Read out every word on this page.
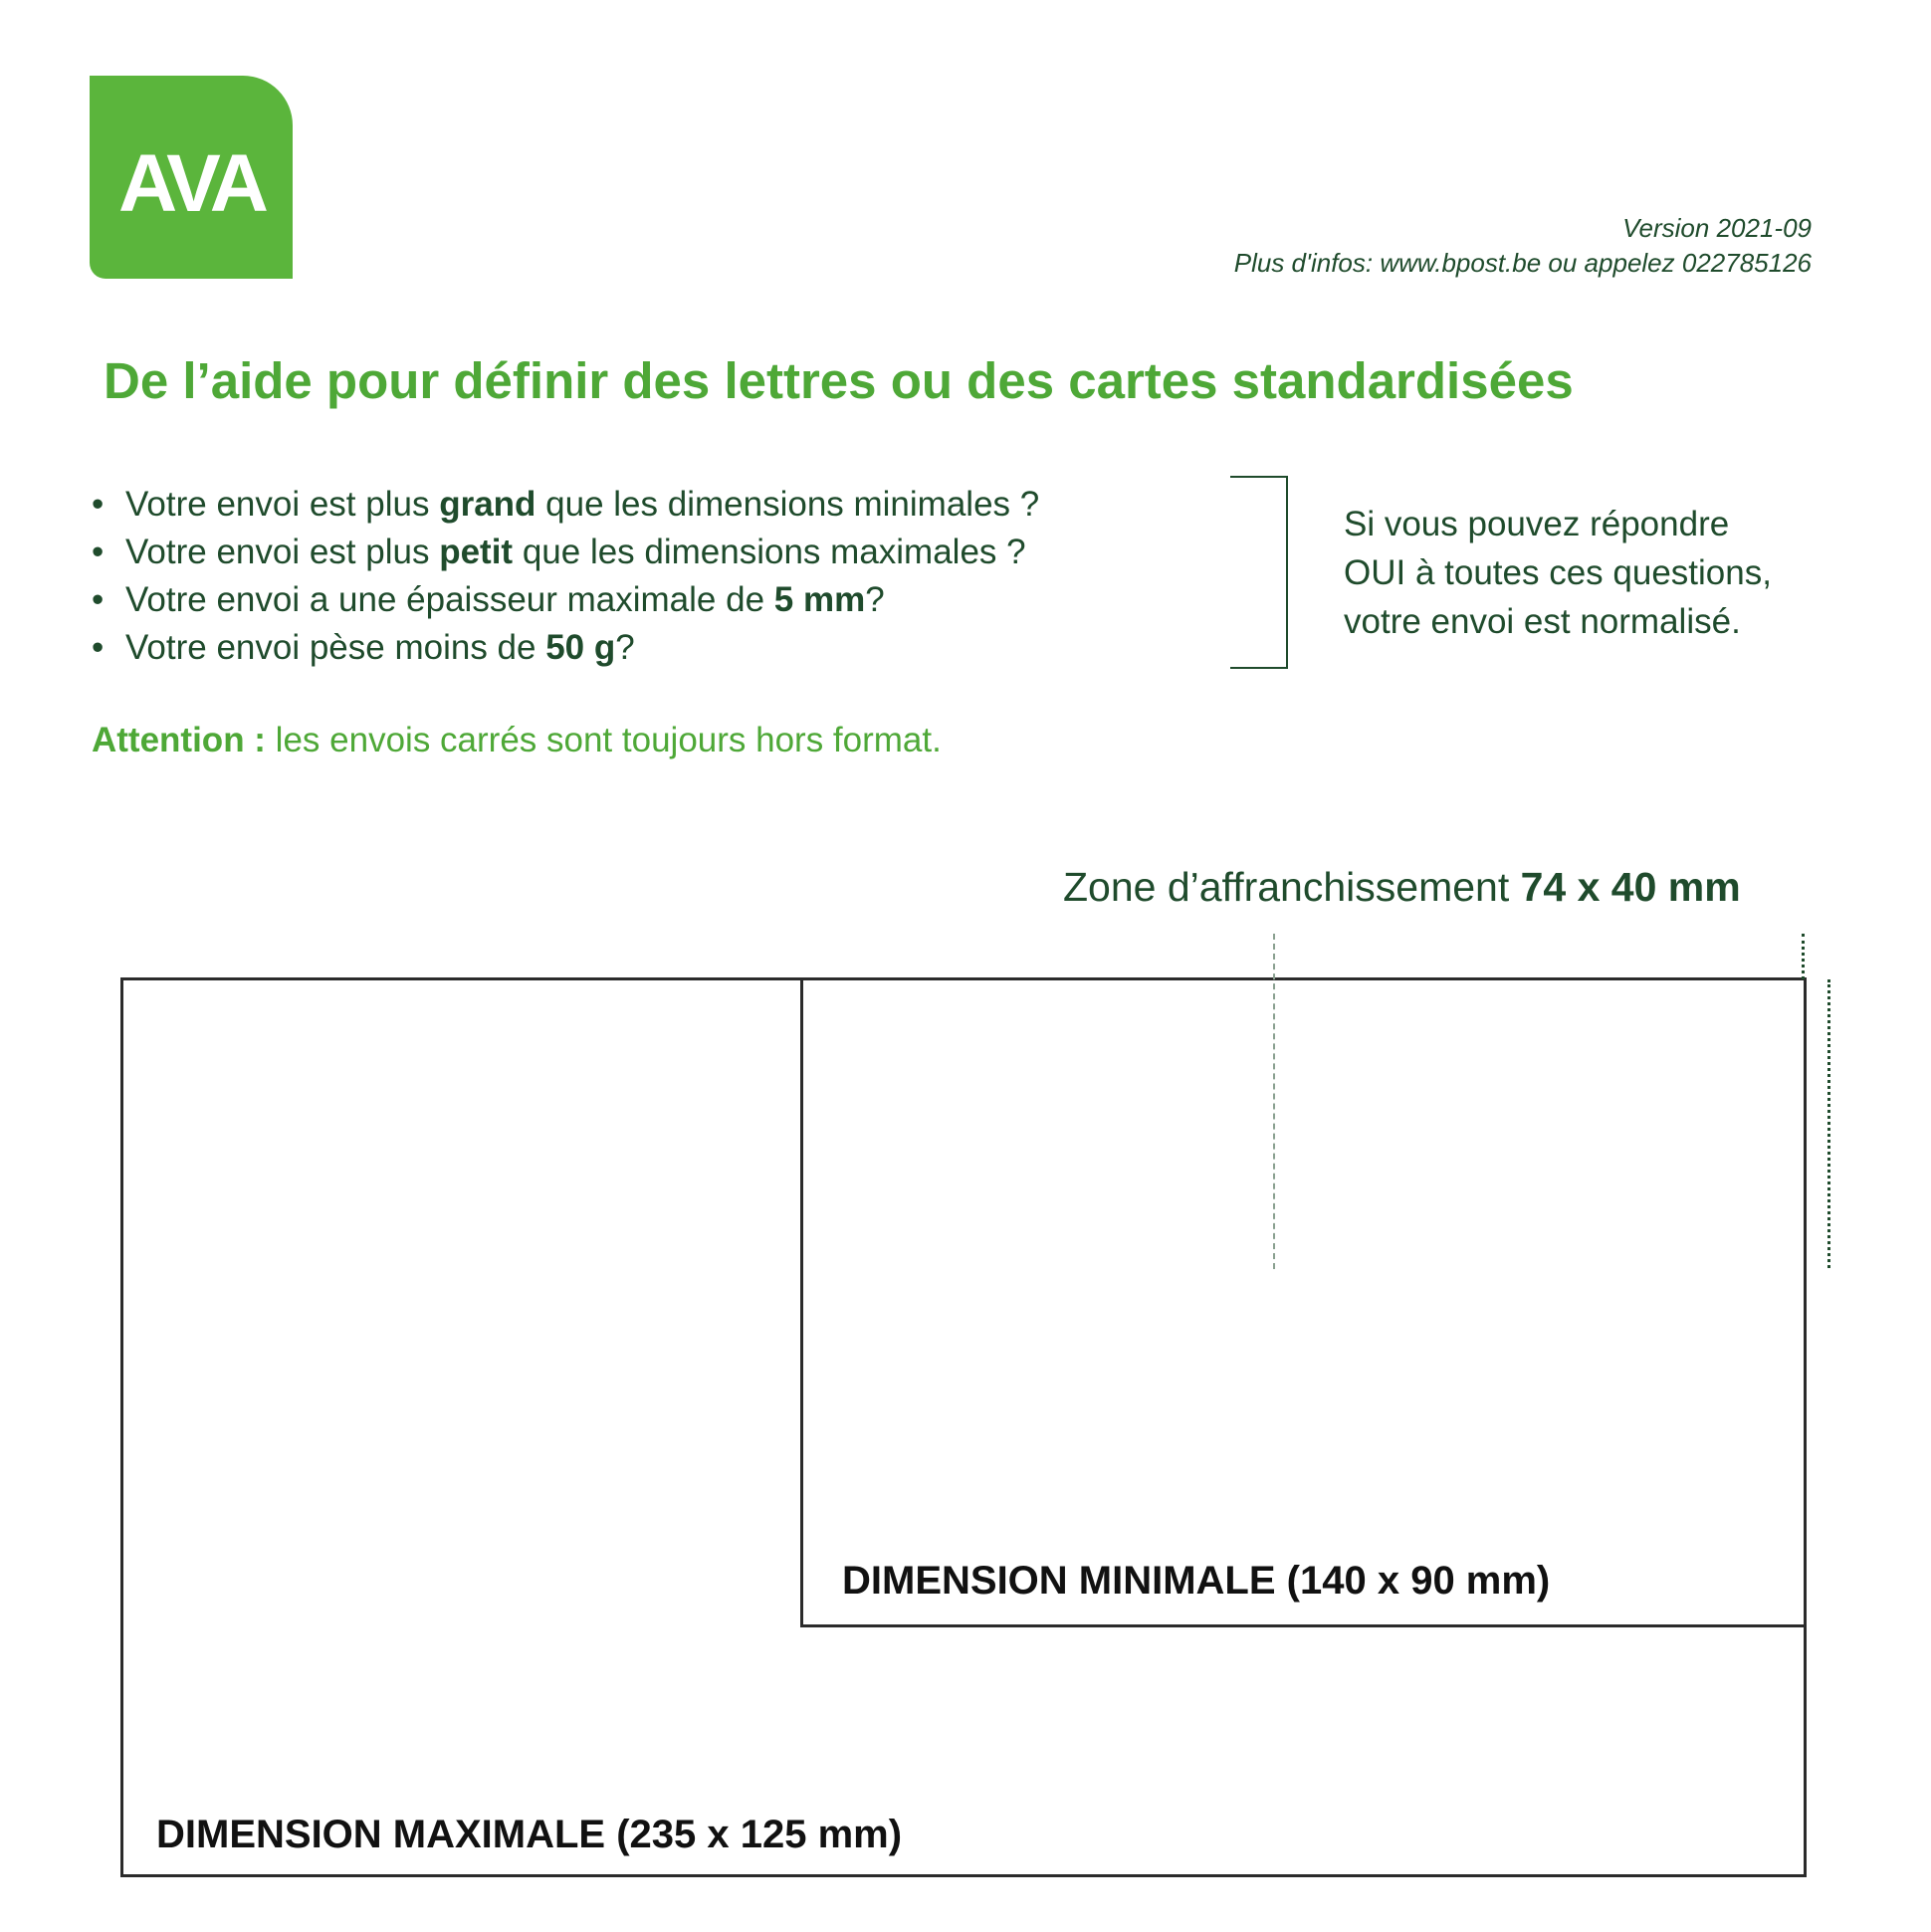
AVA	Version 2021-09
Plus d'infos: www.bpost.be ou appelez 022785126
De l’aide pour définir des lettres ou des cartes standardisées
• Votre envoi est plus grand que les dimensions minimales ?
• Votre envoi est plus petit que les dimensions maximales ?
• Votre envoi a une épaisseur maximale de 5 mm?
• Votre envoi pèse moins de 50 g?
Si vous pouvez répondre
OUI à toutes ces questions,
votre envoi est normalisé.
Attention : les envois carrés sont toujours hors format.
Zone d’affranchissement 74 x 40 mm
DIMENSION MINIMALE (140 x 90 mm)
DIMENSION MAXIMALE (235 x 125 mm)
